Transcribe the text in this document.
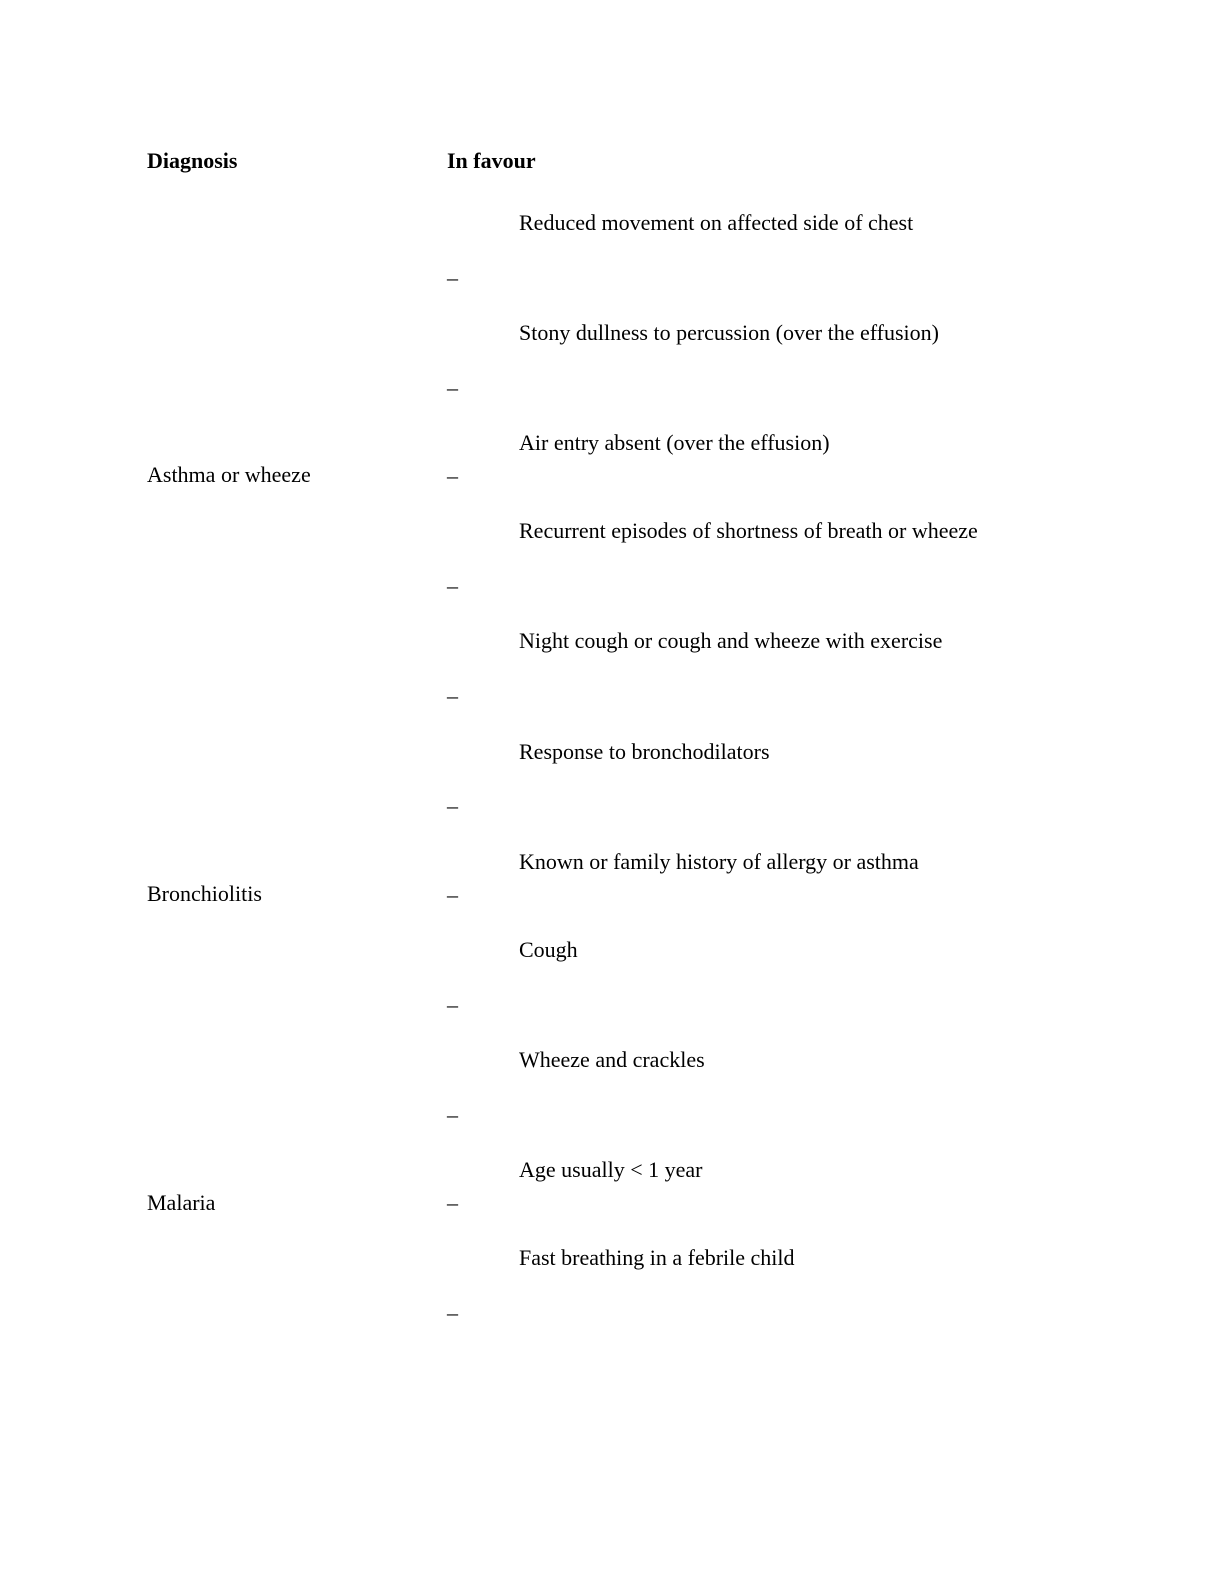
Diagnosis	In favour
Asthma or wheeze
Bronchiolitis
Malaria
Reduced movement on affected side of chest
Stony dullness to percussion (over the effusion)
Air entry absent (over the effusion)
Recurrent episodes of shortness of breath or wheeze
Night cough or cough and wheeze with exercise
Response to bronchodilators
Known or family history of allergy or asthma
Cough
Wheeze and crackles
Age usually < 1 year
Fast breathing in a febrile child
–
–
–
–
–
–
–
–
–
–
–
